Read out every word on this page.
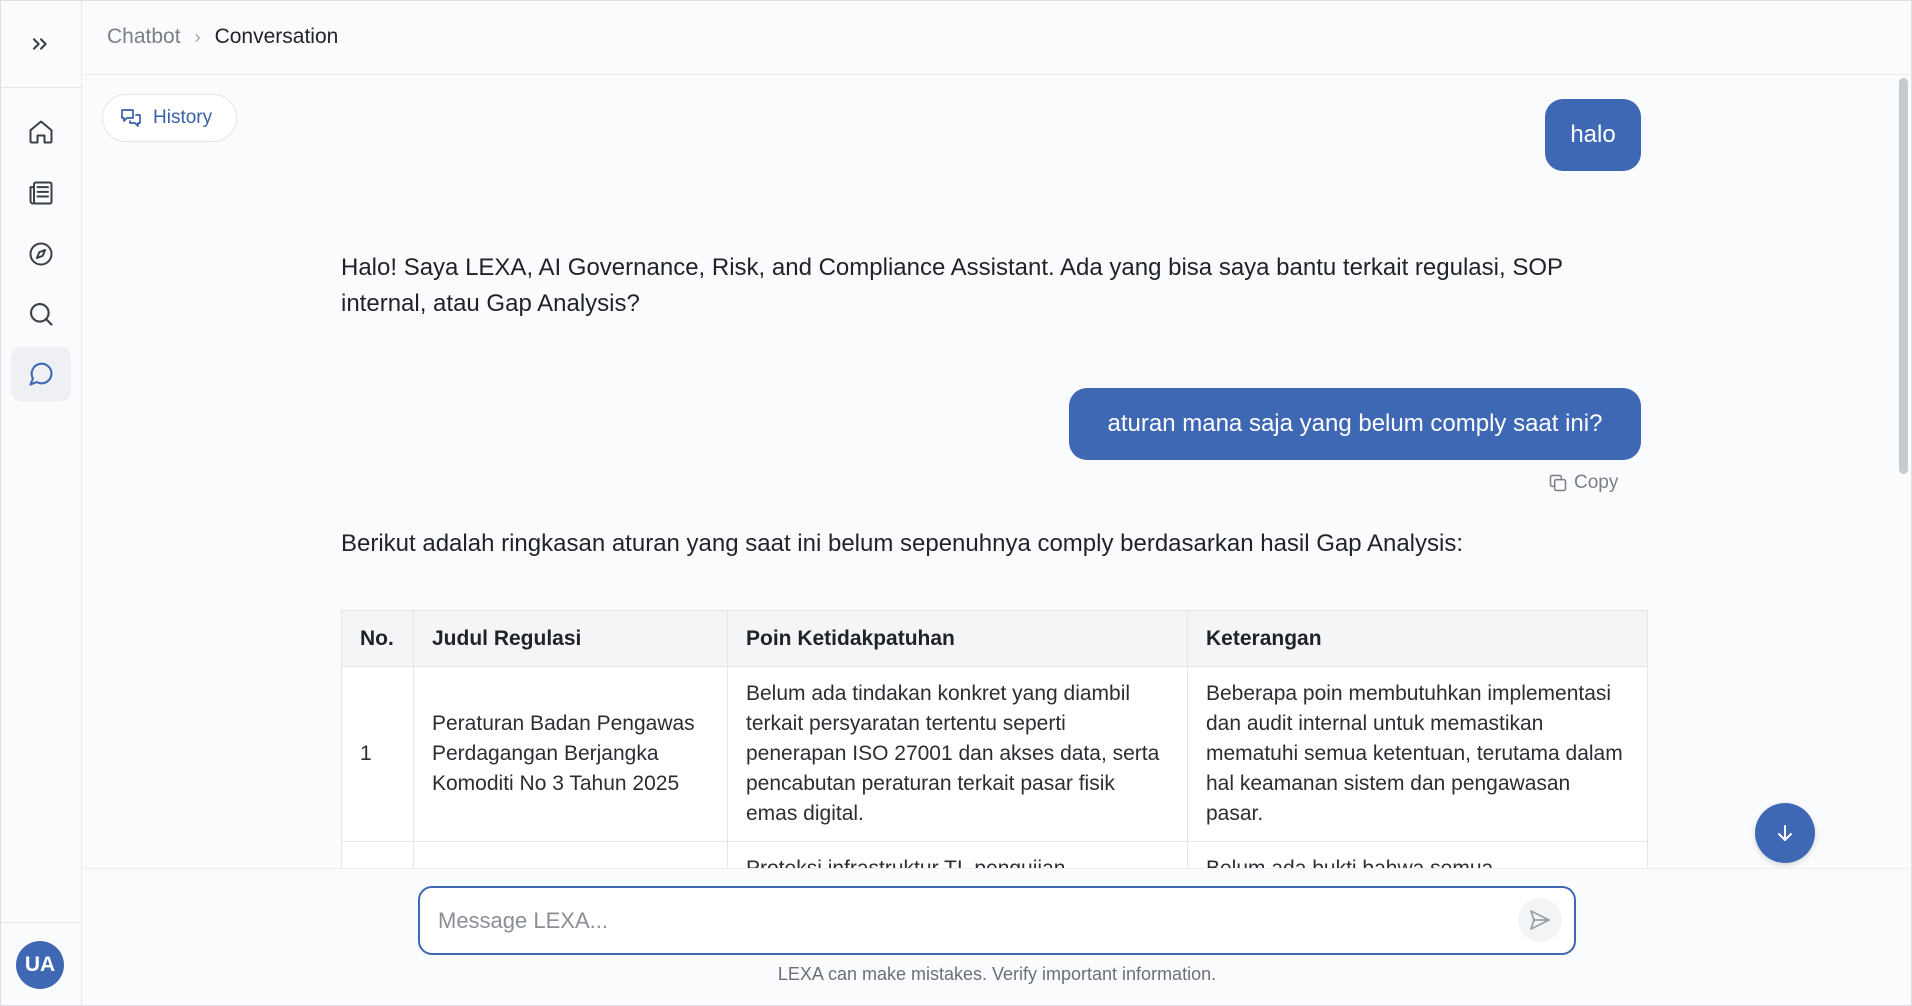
UA
Chatbot › Conversation
halo
Halo! Saya LEXA, AI Governance, Risk, and Compliance Assistant. Ada yang bisa saya bantu terkait regulasi, SOP internal, atau Gap Analysis?
aturan mana saja yang belum comply saat ini?
Copy
Berikut adalah ringkasan aturan yang saat ini belum sepenuhnya comply berdasarkan hasil Gap Analysis:
No.	Judul Regulasi	Poin Ketidakpatuhan	Keterangan
1	Peraturan Badan Pengawas Perdagangan Berjangka Komoditi No 3 Tahun 2025	Belum ada tindakan konkret yang diambil terkait persyaratan tertentu seperti penerapan ISO 27001 dan akses data, serta pencabutan peraturan terkait pasar fisik emas digital.	Beberapa poin membutuhkan implementasi dan audit internal untuk memastikan mematuhi semua ketentuan, terutama dalam hal keamanan sistem dan pengawasan pasar.

History
Message LEXA...
LEXA can make mistakes. Verify important information.
